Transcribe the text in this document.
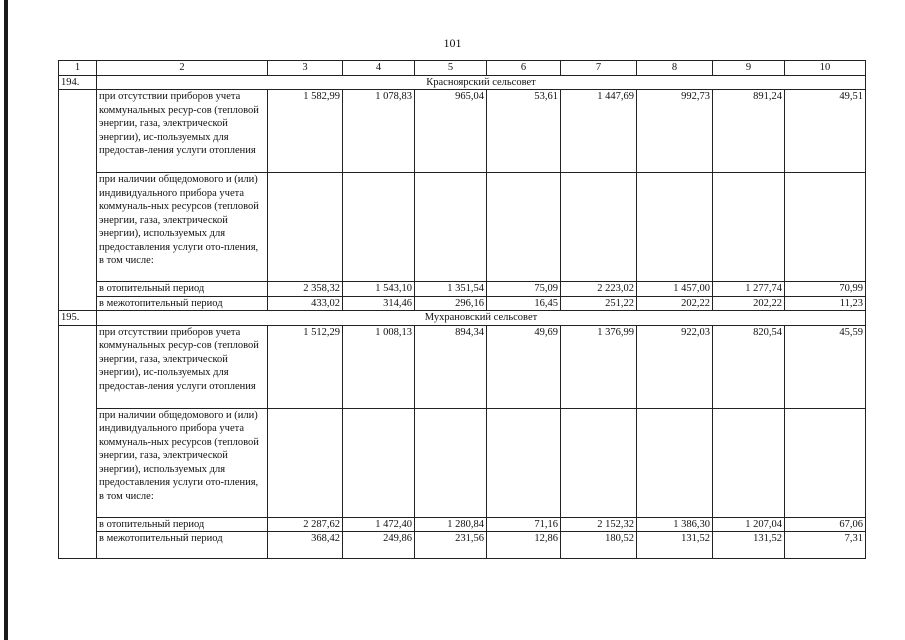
101
1	2	3	4	5	6	7	8	9	10
194.	Красноярский сельсовет								
	при отсутствии приборов учета коммунальных ресур-сов (тепловой энергии, газа, электрической энергии), ис-пользуемых для предостав-ления услуги отопления	1 582,99	1 078,83	965,04	53,61	1 447,69	992,73	891,24	49,51
	при наличии общедомового и (или) индивидуального прибора учета коммуналь-ных ресурсов (тепловой энергии, газа, электрической энергии), используемых для предоставления услуги ото-пления, в том числе:								
	в отопительный период	2 358,32	1 543,10	1 351,54	75,09	2 223,02	1 457,00	1 277,74	70,99
	в межотопительный период	433,02	314,46	296,16	16,45	251,22	202,22	202,22	11,23
195.	Мухрановский сельсовет								
	при отсутствии приборов учета коммунальных ресур-сов (тепловой энергии, газа, электрической энергии), ис-пользуемых для предостав-ления услуги отопления	1 512,29	1 008,13	894,34	49,69	1 376,99	922,03	820,54	45,59
	при наличии общедомового и (или) индивидуального прибора учета коммуналь-ных ресурсов (тепловой энергии, газа, электрической энергии), используемых для предоставления услуги ото-пления, в том числе:								
	в отопительный период	2 287,62	1 472,40	1 280,84	71,16	2 152,32	1 386,30	1 207,04	67,06
	в межотопительный период	368,42	249,86	231,56	12,86	180,52	131,52	131,52	7,31
